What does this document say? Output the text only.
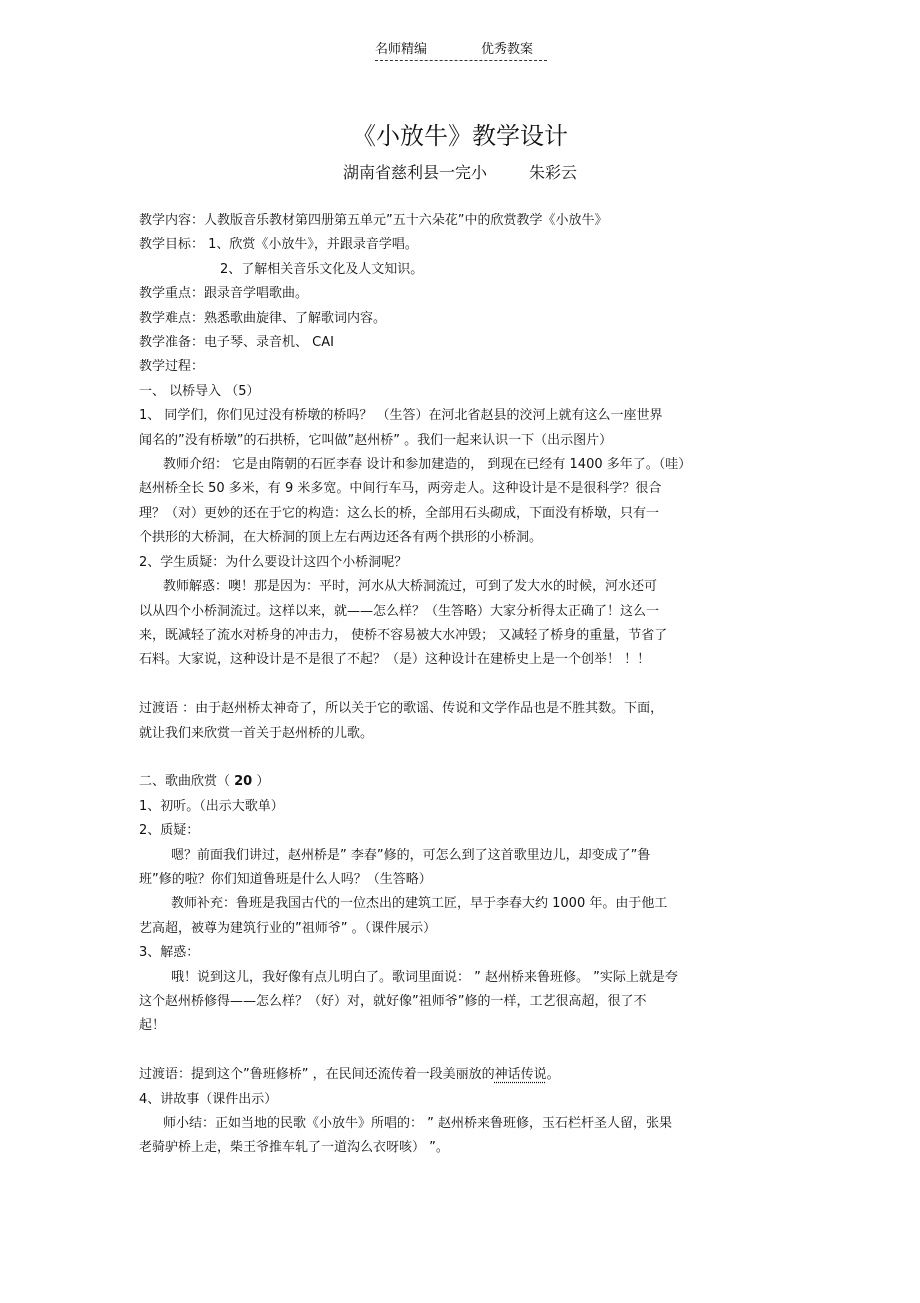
名师精编	优秀教案
《小放牛》教学设计
湖南省慈利县一完小	朱彩云

教学内容：人教版音乐教材第四册第五单元”五十六朵花”中的欣赏教学《小放牛》

教学目标： 1、欣赏《小放牛》，并跟录音学唱。

2、了解相关音乐文化及人文知识。

教学重点：跟录音学唱歌曲。

教学难点：熟悉歌曲旋律、了解歌词内容。

教学准备：电子琴、录音机、 CAI

教学过程：

一、 以桥导入 （5）

1、 同学们，你们见过没有桥墩的桥吗？ （生答）在河北省赵县的洨河上就有这么一座世界

闻名的”没有桥墩”的石拱桥，它叫做”赵州桥” 。我们一起来认识一下（出示图片）

教师介绍： 它是由隋朝的石匠李春 设计和参加建造的， 到现在已经有 1400 多年了。（哇）

赵州桥全长 50 多米，有 9 米多宽。中间行车马，两旁走人。这种设计是不是很科学？很合

理？（对）更妙的还在于它的构造：这么长的桥，全部用石头砌成，下面没有桥墩，只有一

个拱形的大桥洞，在大桥洞的顶上左右两边还各有两个拱形的小桥洞。

2、学生质疑：为什么要设计这四个小桥洞呢？

教师解惑：噢！那是因为：平时，河水从大桥洞流过，可到了发大水的时候，河水还可

以从四个小桥洞流过。这样以来，就——怎么样？（生答略）大家分析得太正确了！这么一

来，既减轻了流水对桥身的冲击力， 使桥不容易被大水冲毁； 又减轻了桥身的重量，节省了

石料。大家说，这种设计是不是很了不起？（是）这种设计在建桥史上是一个创举！ ！！

过渡语 ：由于赵州桥太神奇了，所以关于它的歌谣、传说和文学作品也是不胜其数。下面，

就让我们来欣赏一首关于赵州桥的儿歌。

二、歌曲欣赏（ 20 ）

1、初听。（出示大歌单）

2、质疑：

嗯？前面我们讲过，赵州桥是” 李春”修的，可怎么到了这首歌里边儿，却变成了”鲁

班”修的啦？你们知道鲁班是什么人吗？（生答略）

教师补充：鲁班是我国古代的一位杰出的建筑工匠，早于李春大约 1000 年。由于他工

艺高超，被尊为建筑行业的”祖师爷” 。（课件展示）

3、解惑：

哦！说到这儿，我好像有点儿明白了。歌词里面说： ” 赵州桥来鲁班修。 ”实际上就是夸

这个赵州桥修得——怎么样？（好）对，就好像”祖师爷”修的一样，工艺很高超，很了不

起！

过渡语：提到这个”鲁班修桥” ，在民间还流传着一段美丽放的神话传说。

4、讲故事（课件出示）

师小结：正如当地的民歌《小放牛》所唱的： ” 赵州桥来鲁班修，玉石栏杆圣人留，张果

老骑驴桥上走，柴王爷推车轧了一道沟么衣呀咳） ”。
